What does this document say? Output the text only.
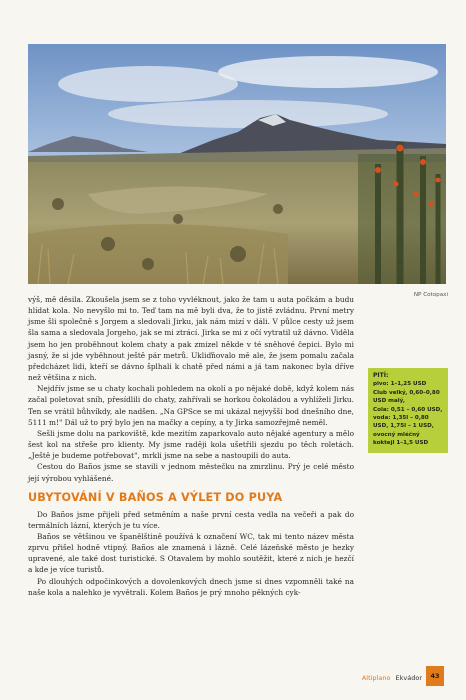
NP Cotopaxi

výš, mě děsila. Zkoušela jsem se z toho vyvléknout, jako že tam u auta počkám a budu hlídat kola. No nevyšlo mi to. Teď tam na mě byli dva, že to jistě zvládnu. První metry jsme šli společně s Jorgem a sledovali Jirku, jak nám mizí v dáli. V půlce cesty už jsem šla sama a sledovala Jorgeho, jak se mi ztrácí. Jirka se mi z očí vytratil už dávno. Viděla jsem ho jen proběhnout kolem chaty a pak zmizel někde v té sněhové čepici. Bylo mi jasný, že si jde vyběhnout ještě pár metrů. Ukliďňovalo mě ale, že jsem pomalu začala předcházet lidi, kteří se dávno šplhali k chatě před námi a já tam nakonec byla dříve než většina z nich.

Nejdřív jsme se u chaty kochali pohledem na okolí a po nějaké době, když kolem nás začal poletovat sníh, přesídlili do chaty, zahřívali se horkou čokoládou a vyhlíželi Jirku. Ten se vrátil bůhvíkdy, ale nadšen. „Na GPSce se mi ukázal nejvyšší bod dnešního dne, 5111 m!" Dál už to prý bylo jen na mačky a cepíny, a ty Jirka samozřejmě neměl.

Sešli jsme dolu na parkoviště, kde mezitím zaparkovalo auto nějaké agentury a mělo šest kol na střeše pro klienty. My jsme raději kola ušetřili sjezdu po těch roletách. „Ještě je budeme potřebovat", mrkli jsme na sebe a nastoupili do auta.

Cestou do Baños jsme se stavili v jednom městečku na zmrzlinu. Prý je celé město její výrobou vyhlášené.

UBYTOVÁNÍ V BAÑOS A VÝLET DO PUYA

Do Baños jsme přijeli před setměním a naše první cesta vedla na večeři a pak do termálních lázní, kterých je tu více.

Baños se většinou ve španělštině používá k označení WC, tak mi tento název města zprvu přišel hodně vtipný. Baños ale znamená i lázně. Celé lázeňské město je hezky upravené, ale také dost turistické. S Otavalem by mohlo soutěžit, které z nich je hezčí a kde je více turistů.

Po dlouhých odpočinkových a dovolenkových dnech jsme si dnes vzpomněli také na naše kola a nalehko je vyvětrali. Kolem Baños je prý mnoho pěkných cyk-

PITÍ:
pivo: 1–1,25 USD
Club velký, 0,60–0,80 USD malý,
Cola: 0,51 – 0,60 USD,
voda: 1,35l – 0,80 USD, 1,75l – 1 USD, ovocný mléčný koktejl 1–1,5 USD
Altiplano Ekvádor	43
